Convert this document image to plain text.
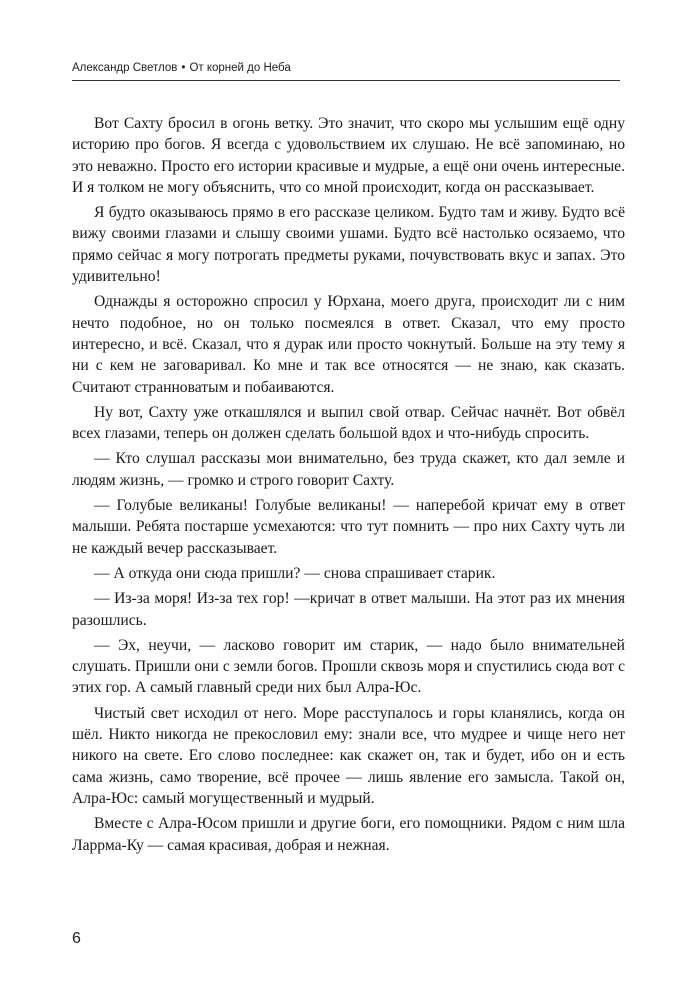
Александр Светлов • От корней до Неба

Вот Сахту бросил в огонь ветку. Это значит, что скоро мы услышим ещё одну историю про богов. Я всегда с удовольствием их слушаю. Не всё запоминаю, но это неважно. Просто его истории красивые и мудрые, а ещё они очень интересные. И я толком не могу объяснить, что со мной происходит, когда он рассказывает.

Я будто оказываюсь прямо в его рассказе целиком. Будто там и живу. Будто всё вижу своими глазами и слышу своими ушами. Будто всё настолько осязаемо, что прямо сейчас я могу потрогать предметы руками, почувствовать вкус и запах. Это удивительно!

Однажды я осторожно спросил у Юрхана, моего друга, происходит ли с ним нечто подобное, но он только посмеялся в ответ. Сказал, что ему просто интересно, и всё. Сказал, что я дурак или просто чокнутый. Больше на эту тему я ни с кем не заговаривал. Ко мне и так все относятся — не знаю, как сказать. Считают странноватым и побаиваются.

Ну вот, Сахту уже откашлялся и выпил свой отвар. Сейчас начнёт. Вот обвёл всех глазами, теперь он должен сделать большой вдох и что-нибудь спросить.

— Кто слушал рассказы мои внимательно, без труда скажет, кто дал земле и людям жизнь, — громко и строго говорит Сахту.

— Голубые великаны! Голубые великаны! — наперебой кричат ему в ответ малыши. Ребята постарше усмехаются: что тут помнить — про них Сахту чуть ли не каждый вечер рассказывает.

— А откуда они сюда пришли? — снова спрашивает старик.

— Из-за моря! Из-за тех гор! —кричат в ответ малыши. На этот раз их мнения разошлись.

— Эх, неучи, — ласково говорит им старик, — надо было внимательней слушать. Пришли они с земли богов. Прошли сквозь моря и спустились сюда вот с этих гор. А самый главный среди них был Алра-Юс.

Чистый свет исходил от него. Море расступалось и горы кланялись, когда он шёл. Никто никогда не прекословил ему: знали все, что мудрее и чище него нет никого на свете. Его слово последнее: как скажет он, так и будет, ибо он и есть сама жизнь, само творение, всё прочее — лишь явление его замысла. Такой он, Алра-Юс: самый могущественный и мудрый.

Вместе с Алра-Юсом пришли и другие боги, его помощники. Рядом с ним шла Ларрма-Ку — самая красивая, добрая и нежная.

6
